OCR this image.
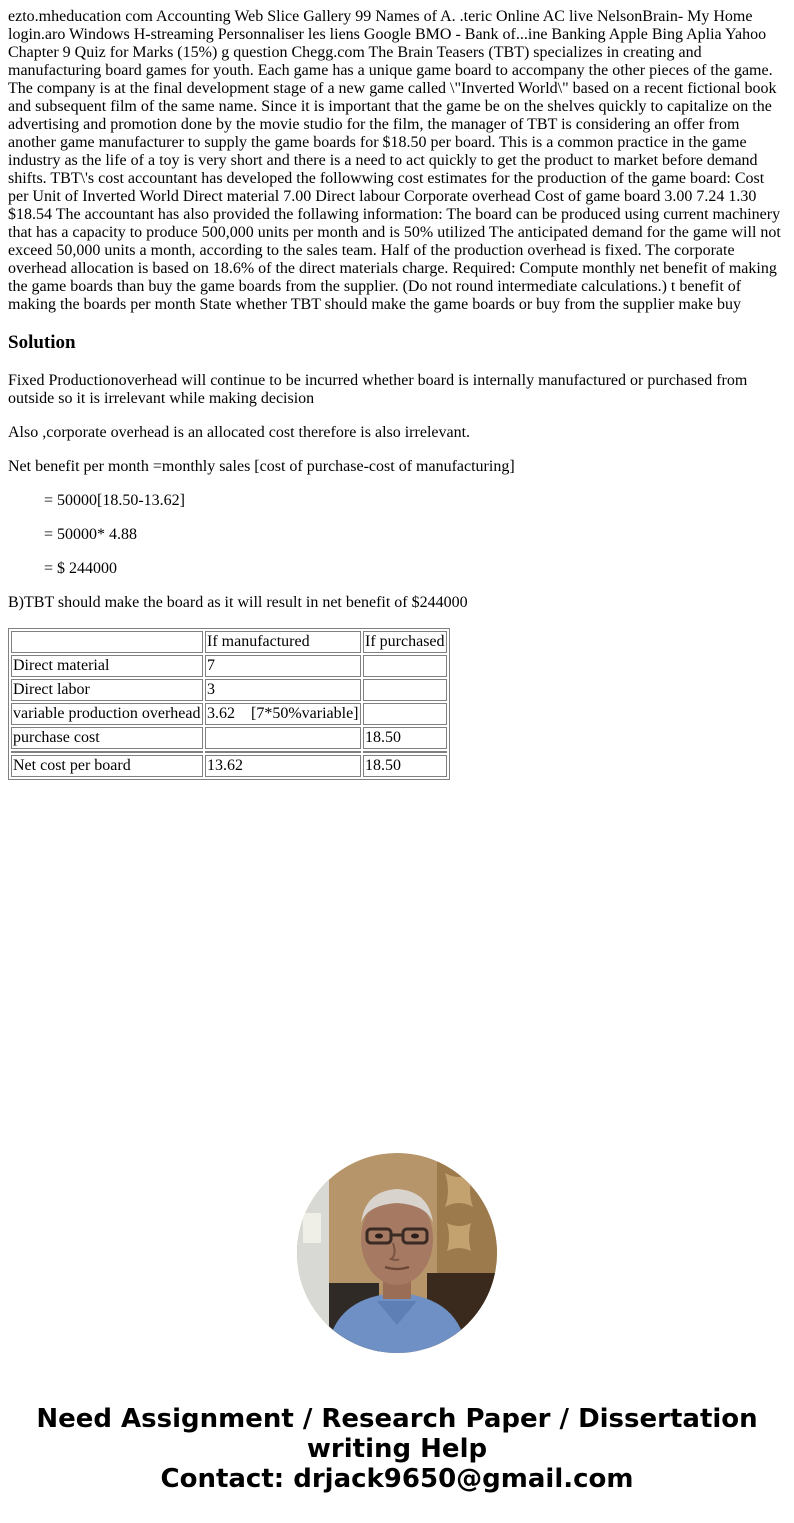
ezto.mheducation com Accounting Web Slice Gallery 99 Names of A. .teric Online AC live NelsonBrain- My Home login.aro Windows H-streaming Personnaliser les liens Google BMO - Bank of...ine Banking Apple Bing Aplia Yahoo Chapter 9 Quiz for Marks (15%) g question Chegg.com The Brain Teasers (TBT) specializes in creating and manufacturing board games for youth. Each game has a unique game board to accompany the other pieces of the game. The company is at the final development stage of a new game called \"Inverted World\" based on a recent fictional book and subsequent film of the same name. Since it is important that the game be on the shelves quickly to capitalize on the advertising and promotion done by the movie studio for the film, the manager of TBT is considering an offer from another game manufacturer to supply the game boards for $18.50 per board. This is a common practice in the game industry as the life of a toy is very short and there is a need to act quickly to get the product to market before demand shifts. TBT\'s cost accountant has developed the followwing cost estimates for the production of the game board: Cost per Unit of Inverted World Direct material 7.00 Direct labour Corporate overhead Cost of game board 3.00 7.24 1.30 $18.54 The accountant has also provided the follawing information: The board can be produced using current machinery that has a capacity to produce 500,000 units per month and is 50% utilized The anticipated demand for the game will not exceed 50,000 units a month, according to the sales team. Half of the production overhead is fixed. The corporate overhead allocation is based on 18.6% of the direct materials charge. Required: Compute monthly net benefit of making the game boards than buy the game boards from the supplier. (Do not round intermediate calculations.) t benefit of making the boards per month State whether TBT should make the game boards or buy from the supplier make buy
Solution

Fixed Productionoverhead will continue to be incurred whether board is internally manufactured or purchased from outside so it is irrelevant while making decision

Also ,corporate overhead is an allocated cost therefore is also irrelevant.

Net benefit per month =monthly sales [cost of purchase-cost of manufacturing]

= 50000[18.50-13.62]

= 50000* 4.88

= $ 244000

B)TBT should make the board as it will result in net benefit of $244000

	If manufactured	If purchased
Direct material	7	
Direct labor	3	
variable production overhead	3.62    [7*50%variable]	
purchase cost		18.50

Net cost per board	13.62	18.50
Need Assignment / Research Paper / Dissertation
writing Help
Contact: drjack9650@gmail.com
